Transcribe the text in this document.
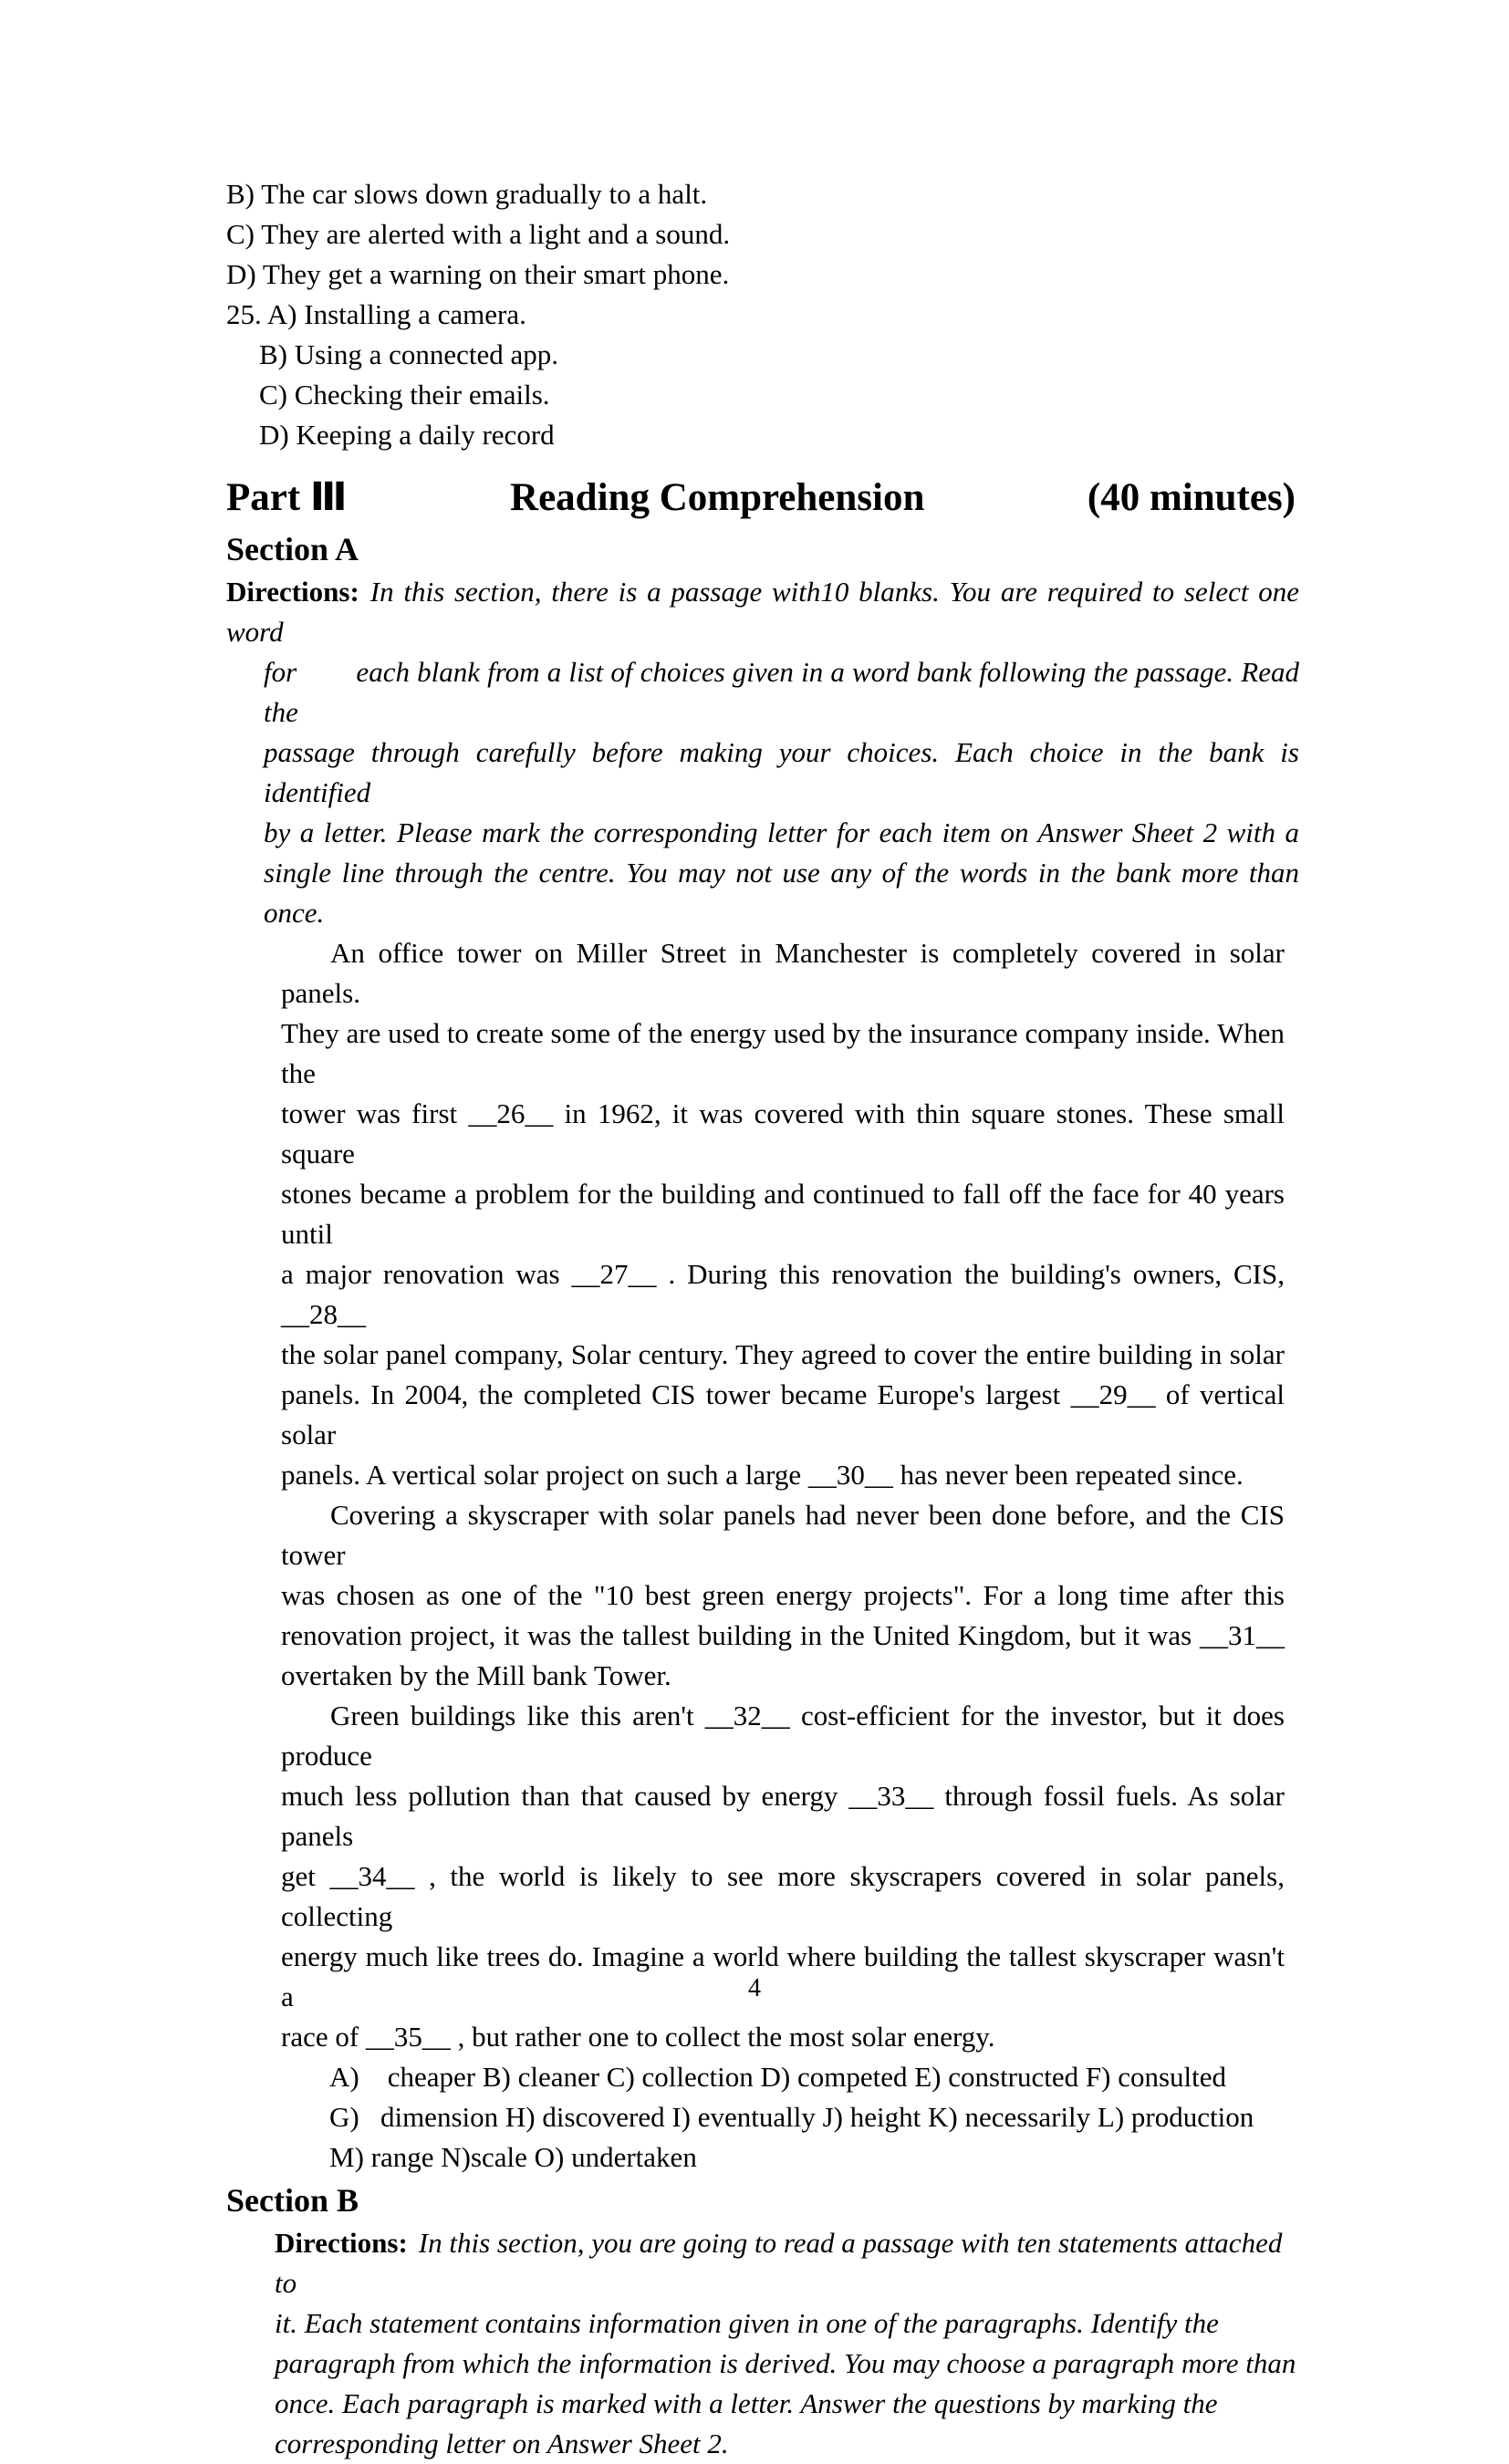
B) The car slows down gradually to a halt.
C) They are alerted with a light and a sound.
D) They get a warning on their smart phone.
25. A) Installing a camera.
B) Using a connected app.
C) Checking their emails.
D) Keeping a daily record
Part Ⅲ	Reading Comprehension	(40 minutes)
Section A
Directions: In this section, there is a passage with10 blanks. You are required to select one word
for        each blank from a list of choices given in a word bank following the passage. Read the
passage through carefully before making your choices. Each choice in the bank is identified
by a letter. Please mark the corresponding letter for each item on Answer Sheet 2 with a
single line through the centre. You may not use any of the words in the bank more than once.
An office tower on Miller Street in Manchester is completely covered in solar panels.
They are used to create some of the energy used by the insurance company inside. When the
tower was first __26__ in 1962, it was covered with thin square stones. These small square
stones became a problem for the building and continued to fall off the face for 40 years until
a major renovation was __27__ . During this renovation the building's owners, CIS, __28__
the solar panel company, Solar century. They agreed to cover the entire building in solar
panels. In 2004, the completed CIS tower became Europe's largest __29__ of vertical solar
panels. A vertical solar project on such a large __30__ has never been repeated since.
Covering a skyscraper with solar panels had never been done before, and the CIS tower
was chosen as one of the "10 best green energy projects". For a long time after this
renovation project, it was the tallest building in the United Kingdom, but it was __31__
overtaken by the Mill bank Tower.
Green buildings like this aren't __32__ cost-efficient for the investor, but it does produce
much less pollution than that caused by energy __33__ through fossil fuels. As solar panels
get __34__ , the world is likely to see more skyscrapers covered in solar panels, collecting
energy much like trees do. Imagine a world where building the tallest skyscraper wasn't a
race of __35__ , but rather one to collect the most solar energy.
A)    cheaper B) cleaner C) collection D) competed E) constructed F) consulted
G)   dimension H) discovered I) eventually J) height K) necessarily L) production
M) range N)scale O) undertaken
Section B
Directions: In this section, you are going to read a passage with ten statements attached to
it. Each statement contains information given in one of the paragraphs. Identify the
paragraph from which the information is derived. You may choose a paragraph more than
once. Each paragraph is marked with a letter. Answer the questions by marking the
corresponding letter on Answer Sheet 2.
4
